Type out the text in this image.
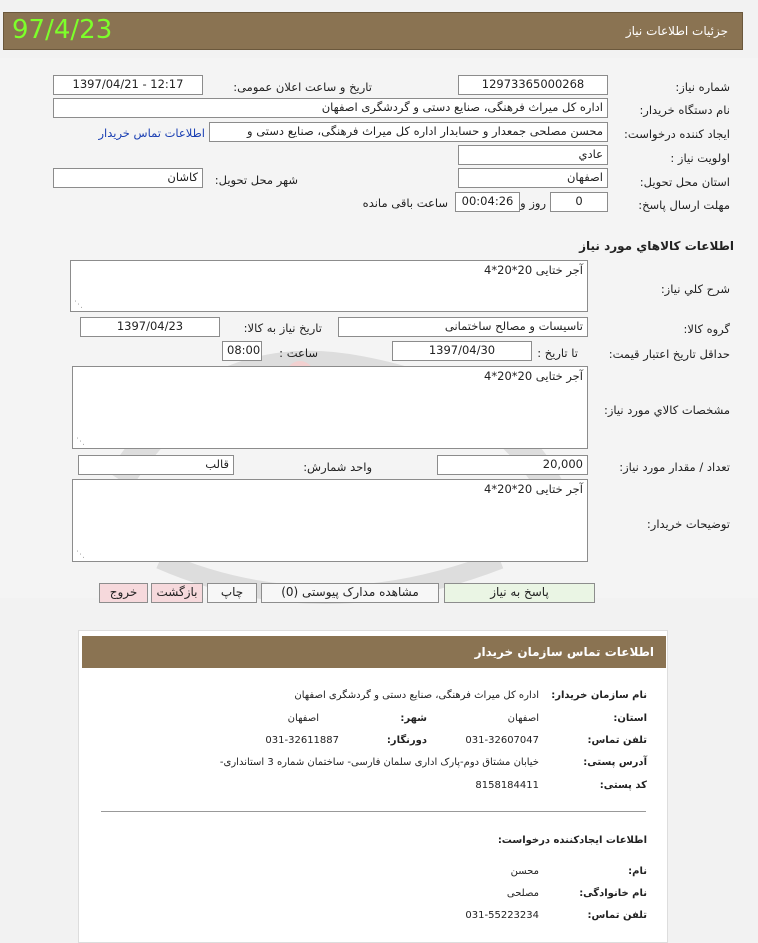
97/4/23	جزئیات اطلاعات نیاز
شماره نیاز:
1297336500026‪8
تاریخ و ساعت اعلان عمومی:
1397/04/21 - 12:17
نام دستگاه خریدار:
اداره کل میراث فرهنگی، صنایع دستی و گردشگری اصفهان
ایجاد کننده درخواست:
محسن مصلحی جمعدار و حسابدار اداره کل میراث فرهنگی، صنایع دستی و
اطلاعات تماس خریدار
اولویت نیاز :
عادي
استان محل تحویل:
اصفهان
شهر محل تحویل:
کاشان
مهلت ارسال پاسخ:
0
روز و
00:04:26
ساعت باقی مانده
اطلاعات کالاهاي مورد نياز
شرح کلي نياز:
آجر ختایی 20*20*4
⋰
گروه کالا:
تاسیسات و مصالح ساختمانی
تاریخ نیاز به کالا:
1397/04/23
حداقل تاریخ اعتبار قیمت:
تا تاریخ :
1397/04/30
ساعت :
08:00
مشخصات کالاي مورد نياز:
آجر ختایی 20*20*4
⋰
تعداد / مقدار مورد نیاز:
20,000
واحد شمارش:
قالب
توضیحات خریدار:
آجر ختایی 20*20*4
⋰
پاسخ به نیاز
مشاهده مدارک پیوستی (0)
چاپ
بازگشت
خروج
اطلاعات تماس سازمان خریدار
نام سازمان خریدار:
اداره کل میراث فرهنگی، صنایع دستی و گردشگری اصفهان
استان:
اصفهان
شهر:
اصفهان
تلفن تماس:
031-32607047
دورنگار:
031-32611887
آدرس پستی:
خیابان مشتاق دوم-پارک اداری سلمان فارسی- ساختمان شماره 3 استانداری-
کد پستی:
8158184411
اطلاعات ایجادکننده درخواست:
نام:
محسن
نام خانوادگی:
مصلحی
تلفن تماس:
031-55223234
